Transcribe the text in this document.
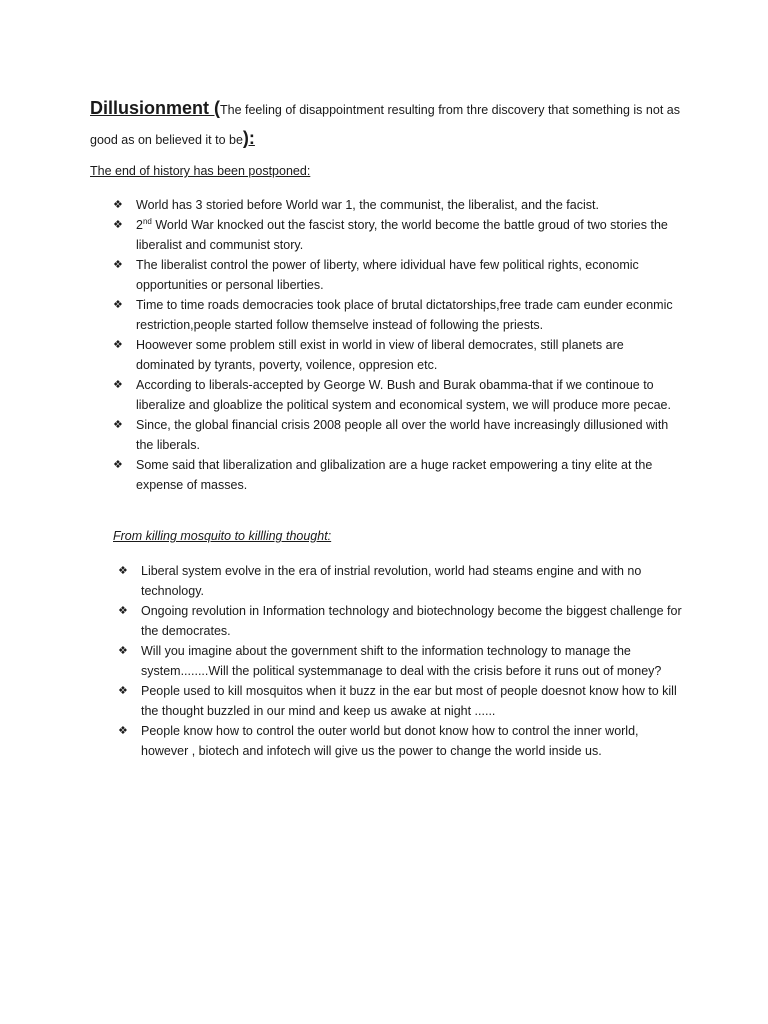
Dillusionment (The feeling of disappointment resulting from thre discovery that something is not as good as on believed it to be):
The end of history has been postponed:
❖	World has 3 storied before World war 1, the communist, the liberalist, and the facist.
❖	2nd World War knocked out the fascist story, the world become the battle groud of two stories the liberalist and communist story.
❖	The liberalist control the power of liberty, where idividual have few political rights, economic opportunities or personal liberties.
❖	Time to time roads democracies took place of brutal dictatorships,free trade cam eunder econmic restriction,people started follow themselve instead of following the priests.
❖	Hoowever some problem still exist in world in view of liberal democrates, still planets are dominated by tyrants, poverty, voilence, oppresion etc.
❖	According to liberals-accepted by George W. Bush and Burak obamma-that if we continoue to liberalize and gloablize the political system and economical system, we will produce more pecae.
❖	Since, the global financial crisis 2008 people all over the world have increasingly dillusioned with the liberals.
❖	Some said that liberalization and glibalization are a huge racket empowering a tiny elite at the expense of masses.
From killing mosquito to killling thought:
❖	Liberal system evolve in the era of instrial revolution, world had steams engine and with no technology.
❖	Ongoing revolution in Information technology and biotechnology become the biggest challenge for the democrates.
❖	Will you imagine about the government shift to the information technology to manage the system........Will the political systemmanage to deal with the crisis before it runs out of money?
❖	People used to kill mosquitos when it buzz in the ear but most of people doesnot know how to kill the thought buzzled in our mind and keep us awake at night ......
❖	People know how to control the outer world but donot know how to control the inner world, however , biotech and infotech will give us the power to change the world inside us.
